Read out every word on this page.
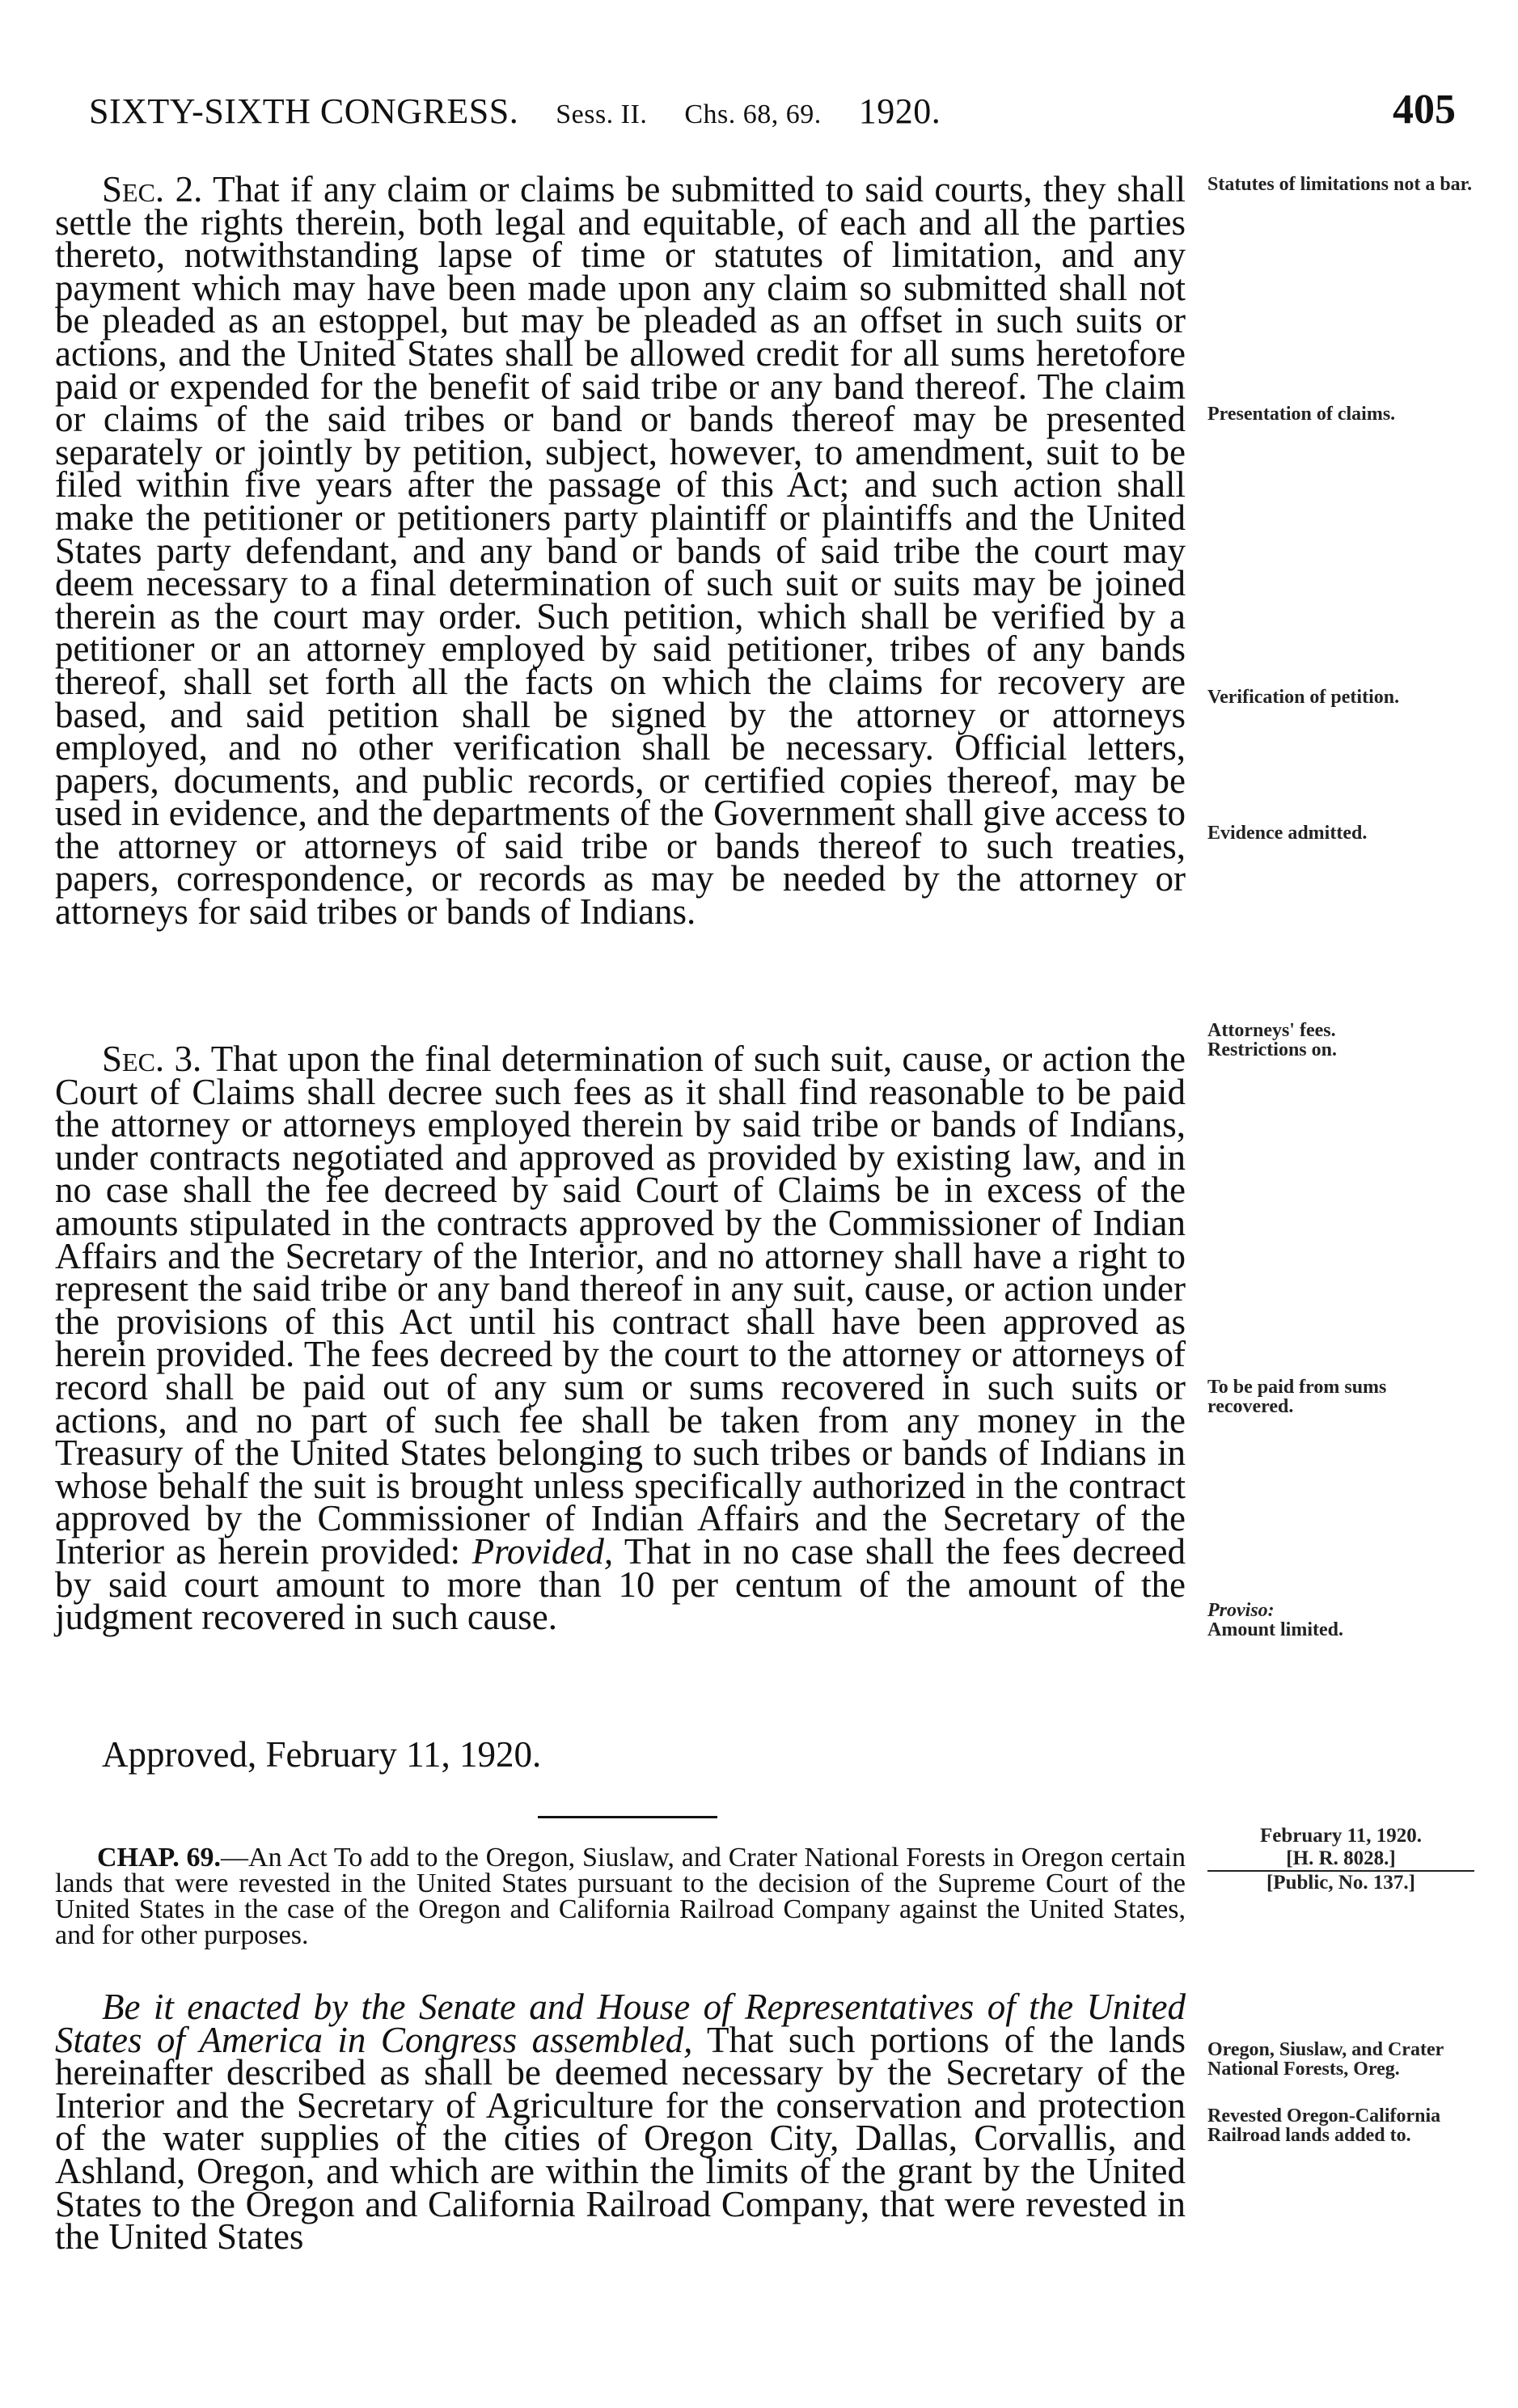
SIXTY-SIXTH CONGRESS. Sess. II. Chs. 68, 69. 1920.	405

Sec. 2. That if any claim or claims be submitted to said courts, they shall settle the rights therein, both legal and equitable, of each and all the parties thereto, notwithstanding lapse of time or statutes of limitation, and any payment which may have been made upon any claim so submitted shall not be pleaded as an estoppel, but may be pleaded as an offset in such suits or actions, and the United States shall be allowed credit for all sums heretofore paid or expended for the benefit of said tribe or any band thereof. The claim or claims of the said tribes or band or bands thereof may be presented separately or jointly by petition, subject, however, to amendment, suit to be filed within five years after the passage of this Act; and such action shall make the petitioner or petitioners party plaintiff or plaintiffs and the United States party defendant, and any band or bands of said tribe the court may deem necessary to a final determination of such suit or suits may be joined therein as the court may order. Such petition, which shall be verified by a petitioner or an attorney employed by said petitioner, tribes of any bands thereof, shall set forth all the facts on which the claims for recovery are based, and said petition shall be signed by the attorney or attorneys employed, and no other verification shall be necessary. Official letters, papers, documents, and public records, or certified copies thereof, may be used in evidence, and the departments of the Government shall give access to the attorney or attorneys of said tribe or bands thereof to such treaties, papers, correspondence, or records as may be needed by the attorney or attorneys for said tribes or bands of Indians.

Sec. 3. That upon the final determination of such suit, cause, or action the Court of Claims shall decree such fees as it shall find reasonable to be paid the attorney or attorneys employed therein by said tribe or bands of Indians, under contracts negotiated and approved as provided by existing law, and in no case shall the fee decreed by said Court of Claims be in excess of the amounts stipulated in the contracts approved by the Commissioner of Indian Affairs and the Secretary of the Interior, and no attorney shall have a right to represent the said tribe or any band thereof in any suit, cause, or action under the provisions of this Act until his contract shall have been approved as herein provided. The fees decreed by the court to the attorney or attorneys of record shall be paid out of any sum or sums recovered in such suits or actions, and no part of such fee shall be taken from any money in the Treasury of the United States belonging to such tribes or bands of Indians in whose behalf the suit is brought unless specifically authorized in the contract approved by the Commissioner of Indian Affairs and the Secretary of the Interior as herein provided: Provided, That in no case shall the fees decreed by said court amount to more than 10 per centum of the amount of the judgment recovered in such cause.

Approved, February 11, 1920.
CHAP. 69.—An Act To add to the Oregon, Siuslaw, and Crater National Forests in Oregon certain lands that were revested in the United States pursuant to the decision of the Supreme Court of the United States in the case of the Oregon and California Railroad Company against the United States, and for other purposes.

Be it enacted by the Senate and House of Representatives of the United States of America in Congress assembled, That such portions of the lands hereinafter described as shall be deemed necessary by the Secretary of the Interior and the Secretary of Agriculture for the conservation and protection of the water supplies of the cities of Oregon City, Dallas, Corvallis, and Ashland, Oregon, and which are within the limits of the grant by the United States to the Oregon and California Railroad Company, that were revested in the United States

Statutes of limitations not a bar.
Presentation of claims.
Verification of petition.
Evidence admitted.
Attorneys' fees.
Restrictions on.
To be paid from sums recovered.
Proviso:
Amount limited.
February 11, 1920.
[H. R. 8028.]
[Public, No. 137.]
Oregon, Siuslaw, and Crater National Forests, Oreg.
Revested Oregon-California Railroad lands added to.
